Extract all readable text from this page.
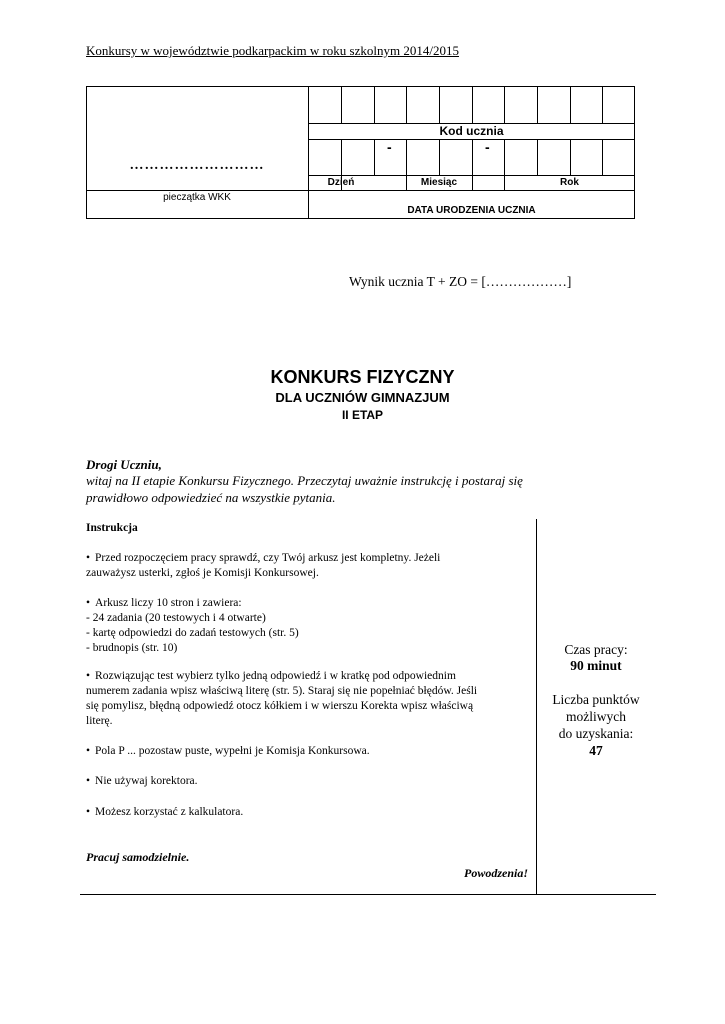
Konkursy w województwie podkarpackim w roku szkolnym 2014/2015
Kod ucznia
-	-
Dzień	Miesiąc	Rok
………………………
pieczątka WKK
DATA URODZENIA UCZNIA
Wynik ucznia T + ZO = [………………]
KONKURS FIZYCZNY
DLA UCZNIÓW GIMNAZJUM
II ETAP
Drogi Uczniu,
witaj na II etapie Konkursu Fizycznego. Przeczytaj uważnie instrukcję i postaraj się
prawidłowo odpowiedzieć na wszystkie pytania.
Instrukcja
• Przed rozpoczęciem pracy sprawdź, czy Twój arkusz jest kompletny. Jeżeli
zauważysz usterki, zgłoś je Komisji Konkursowej.
• Arkusz liczy 10 stron i zawiera:
- 24 zadania (20 testowych i 4 otwarte)
- kartę odpowiedzi do zadań testowych (str. 5)
- brudnopis (str. 10)
• Rozwiązując test wybierz tylko jedną odpowiedź i w kratkę pod odpowiednim
numerem zadania wpisz właściwą literę (str. 5). Staraj się nie popełniać błędów. Jeśli
się pomylisz, błędną odpowiedź otocz kółkiem i w wierszu Korekta wpisz właściwą
literę.
• Pola P ... pozostaw puste, wypełni je Komisja Konkursowa.
• Nie używaj korektora.
• Możesz korzystać z kalkulatora.
Pracuj samodzielnie.
Powodzenia!
Czas pracy:
90 minut
Liczba punktów
możliwych
do uzyskania:
47
